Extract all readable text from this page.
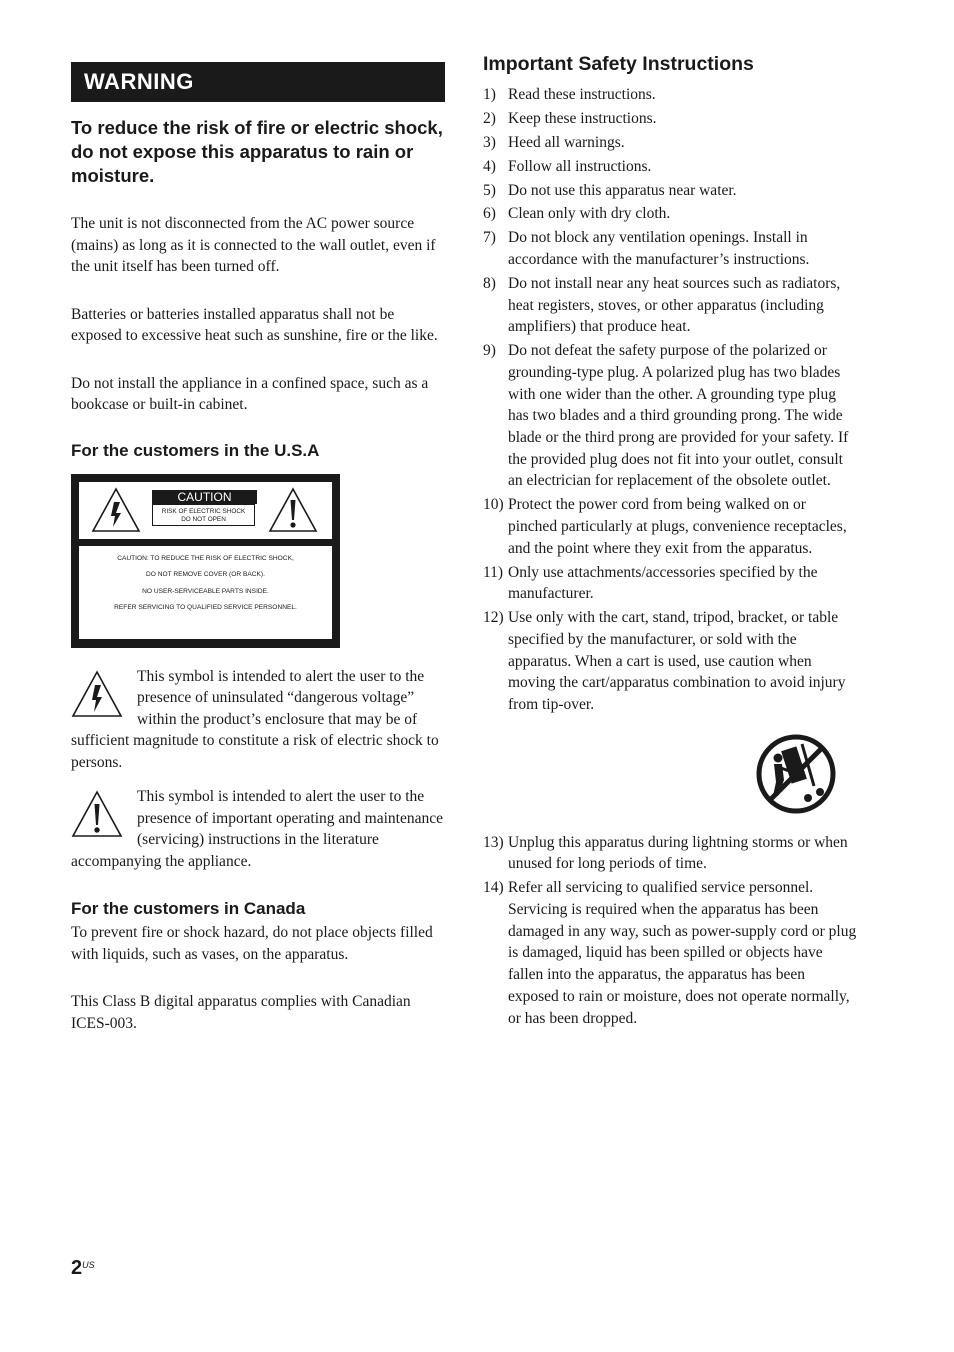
WARNING

To reduce the risk of fire or electric shock, do not expose this apparatus to rain or moisture.

The unit is not disconnected from the AC power source (mains) as long as it is connected to the wall outlet, even if the unit itself has been turned off.

Batteries or batteries installed apparatus shall not be exposed to excessive heat such as sunshine, fire or the like.

Do not install the appliance in a confined space, such as a bookcase or built-in cabinet.

For the customers in the U.S.A
CAUTION
RISK OF ELECTRIC SHOCK
DO NOT OPEN
CAUTION: TO REDUCE THE RISK OF ELECTRIC SHOCK,
DO NOT REMOVE COVER (OR BACK).
NO USER-SERVICEABLE PARTS INSIDE.
REFER SERVICING TO QUALIFIED SERVICE PERSONNEL.

This symbol is intended to alert the user to the presence of uninsulated “dangerous voltage” within the product’s enclosure that may be of sufficient magnitude to constitute a risk of electric shock to persons.

This symbol is intended to alert the user to the presence of important operating and maintenance (servicing) instructions in the literature accompanying the appliance.

For the customers in Canada

To prevent fire or shock hazard, do not place objects filled with liquids, such as vases, on the apparatus.

This Class B digital apparatus complies with Canadian ICES-003.

Important Safety Instructions
1) Read these instructions.
2) Keep these instructions.
3) Heed all warnings.
4) Follow all instructions.
5) Do not use this apparatus near water.
6) Clean only with dry cloth.
7) Do not block any ventilation openings. Install in accordance with the manufacturer’s instructions.
8) Do not install near any heat sources such as radiators, heat registers, stoves, or other apparatus (including amplifiers) that produce heat.
9) Do not defeat the safety purpose of the polarized or grounding-type plug. A polarized plug has two blades with one wider than the other. A grounding type plug has two blades and a third grounding prong. The wide blade or the third prong are provided for your safety. If the provided plug does not fit into your outlet, consult an electrician for replacement of the obsolete outlet.
10) Protect the power cord from being walked on or pinched particularly at plugs, convenience receptacles, and the point where they exit from the apparatus.
11) Only use attachments/accessories specified by the manufacturer.
12) Use only with the cart, stand, tripod, bracket, or table specified by the manufacturer, or sold with the apparatus. When a cart is used, use caution when moving the cart/apparatus combination to avoid injury from tip-over.
13) Unplug this apparatus during lightning storms or when unused for long periods of time.
14) Refer all servicing to qualified service personnel. Servicing is required when the apparatus has been damaged in any way, such as power-supply cord or plug is damaged, liquid has been spilled or objects have fallen into the apparatus, the apparatus has been exposed to rain or moisture, does not operate normally, or has been dropped.
$2^{US}$
